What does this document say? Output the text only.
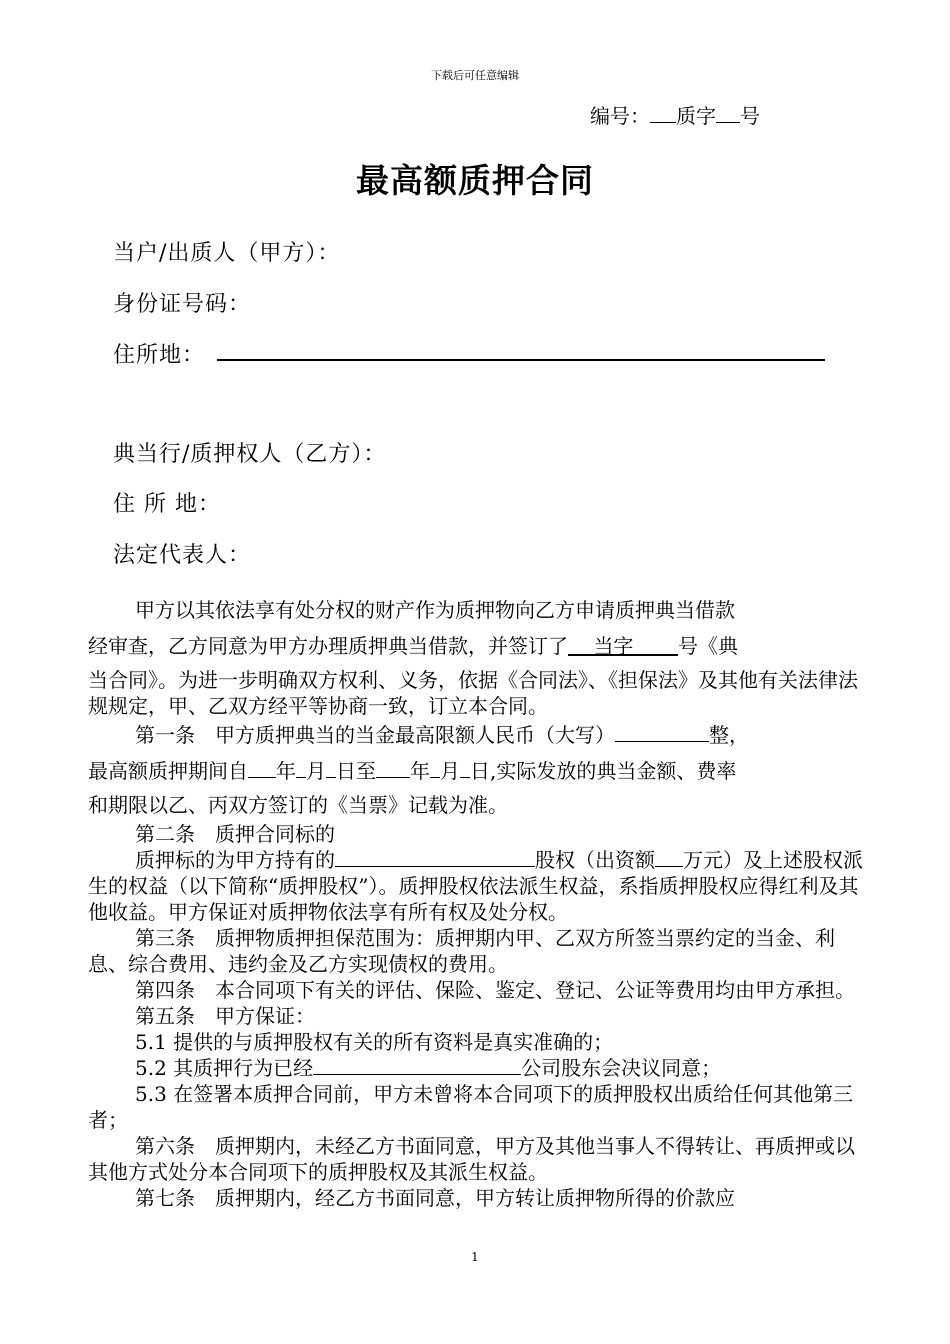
下载后可任意编辑
编号： 质字 号
最高额质押合同
当户/出质人（甲方）：
身份证号码：
住所地：
典当行/质押权人（乙方）：
住 所 地：
法定代表人：

甲方以其依法享有处分权的财产作为质押物向乙方申请质押典当借款

经审查，乙方同意为甲方办理质押典当借款，并签订了 当字 号《典

当合同》。为进一步明确双方权利、义务，依据《合同法》、《担保法》及其他有关法律法规规定，甲、乙双方经平等协商一致，订立本合同。

第一条　甲方质押典当的当金最高限额人民币（大写）	整，

最高额质押期间自 年 月 日至 年 月 日,实际发放的典当金额、费率

和期限以乙、丙双方签订的《当票》记载为准。

第二条　质押合同标的

质押标的为甲方持有的	股权（出资额 万元）及上述股权派生的权益（以下简称“质押股权”）。质押股权依法派生权益，系指质押股权应得红利及其他收益。甲方保证对质押物依法享有所有权及处分权。

第三条　质押物质押担保范围为：质押期内甲、乙双方所签当票约定的当金、利息、综合费用、违约金及乙方实现债权的费用。

第四条　本合同项下有关的评估、保险、鉴定、登记、公证等费用均由甲方承担。

第五条　甲方保证：

5.1 提供的与质押股权有关的所有资料是真实准确的；

5.2 其质押行为已经	公司股东会决议同意；

5.3 在签署本质押合同前，甲方未曾将本合同项下的质押股权出质给任何其他第三者；

第六条　质押期内，未经乙方书面同意，甲方及其他当事人不得转让、再质押或以其他方式处分本合同项下的质押股权及其派生权益。

第七条　质押期内，经乙方书面同意，甲方转让质押物所得的价款应

1
